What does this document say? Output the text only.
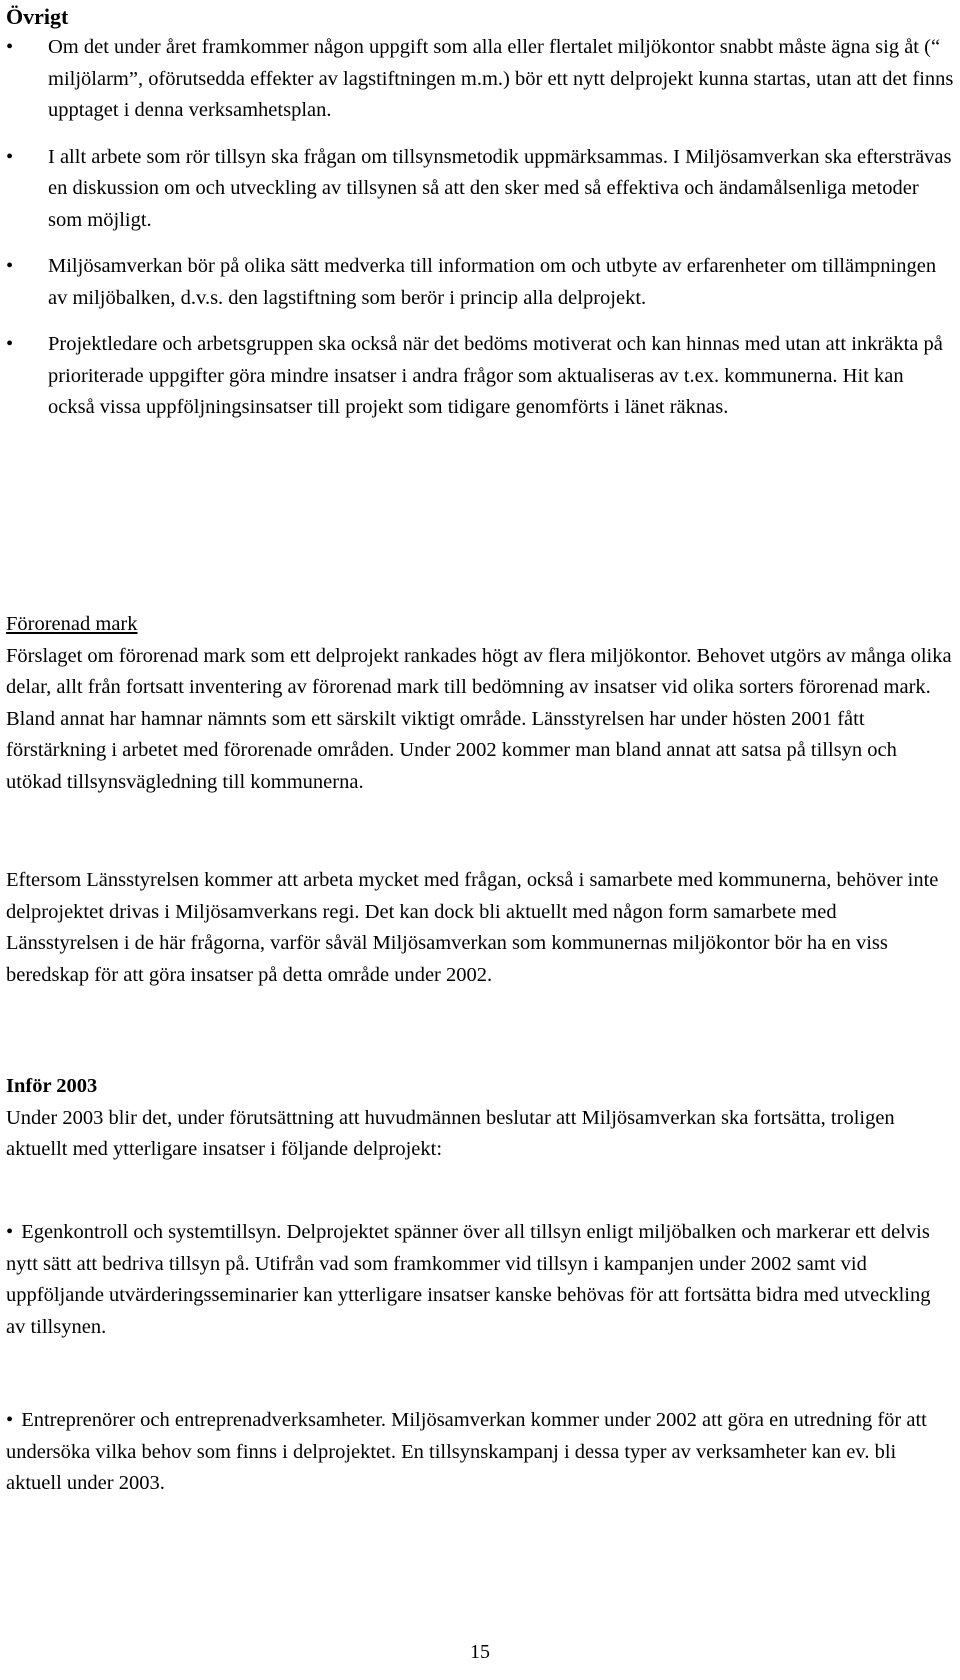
Övrigt
• Om det under året framkommer någon uppgift som alla eller flertalet miljökontor snabbt måste ägna sig åt (“ miljölarm”, oförutsedda effekter av lagstiftningen m.m.) bör ett nytt delprojekt kunna startas, utan att det finns upptaget i denna verksamhetsplan.
• I allt arbete som rör tillsyn ska frågan om tillsynsmetodik uppmärksammas. I Miljösamverkan ska eftersträvas en diskussion om och utveckling av tillsynen så att den sker med så effektiva och ändamålsenliga metoder som möjligt.
• Miljösamverkan bör på olika sätt medverka till information om och utbyte av erfarenheter om tillämpningen av miljöbalken, d.v.s. den lagstiftning som berör i princip alla delprojekt.
• Projektledare och arbetsgruppen ska också när det bedöms motiverat och kan hinnas med utan att inkräkta på prioriterade uppgifter göra mindre insatser i andra frågor som aktualiseras av t.ex. kommunerna. Hit kan också vissa uppföljningsinsatser till projekt som tidigare genomförts i länet räknas.
Förorenad mark

Förslaget om förorenad mark som ett delprojekt rankades högt av flera miljökontor. Behovet utgörs av många olika delar, allt från fortsatt inventering av förorenad mark till bedömning av insatser vid olika sorters förorenad mark. Bland annat har hamnar nämnts som ett särskilt viktigt område. Länsstyrelsen har under hösten 2001 fått förstärkning i arbetet med förorenade områden. Under 2002 kommer man bland annat att satsa på tillsyn och utökad tillsynsvägledning till kommunerna.

Eftersom Länsstyrelsen kommer att arbeta mycket med frågan, också i samarbete med kommunerna, behöver inte delprojektet drivas i Miljösamverkans regi. Det kan dock bli aktuellt med någon form samarbete med Länsstyrelsen i de här frågorna, varför såväl Miljösamverkan som kommunernas miljökontor bör ha en viss beredskap för att göra insatser på detta område under 2002.

Inför 2003

Under 2003 blir det, under förutsättning att huvudmännen beslutar att Miljösamverkan ska fortsätta, troligen aktuellt med ytterligare insatser i följande delprojekt:

• Egenkontroll och systemtillsyn. Delprojektet spänner över all tillsyn enligt miljöbalken och markerar ett delvis nytt sätt att bedriva tillsyn på. Utifrån vad som framkommer vid tillsyn i kampanjen under 2002 samt vid uppföljande utvärderingsseminarier kan ytterligare insatser kanske behövas för att fortsätta bidra med utveckling av tillsynen.

• Entreprenörer och entreprenadverksamheter. Miljösamverkan kommer under 2002 att göra en utredning för att undersöka vilka behov som finns i delprojektet. En tillsynskampanj i dessa typer av verksamheter kan ev. bli aktuell under 2003.

15
